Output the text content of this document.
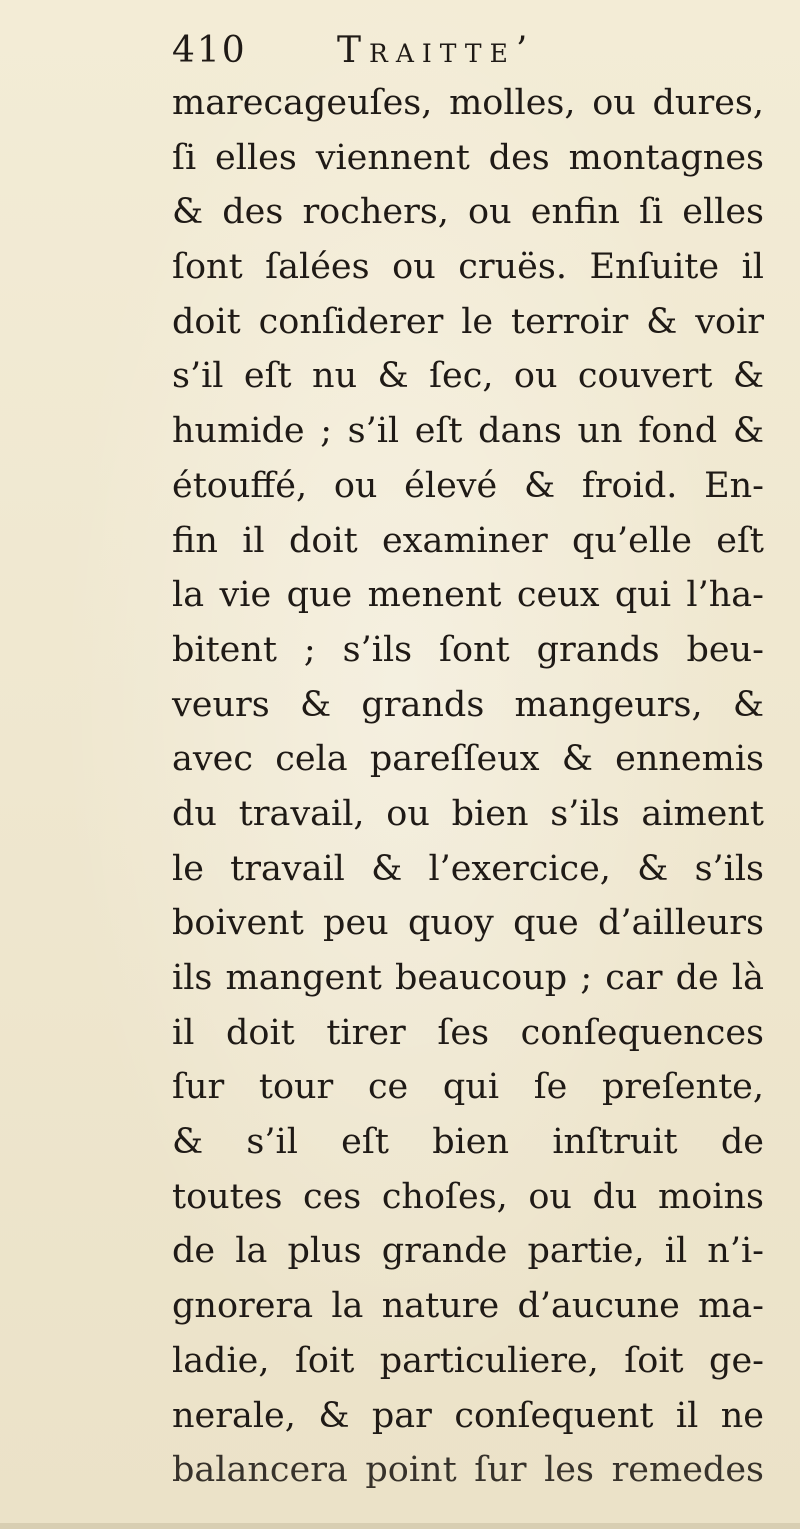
410	Traitte’
marecageuſes, molles, ou dures,
ſi elles viennent des montagnes
& des rochers, ou enfin ſi elles
ſont ſalées ou cruës. Enſuite il
doit conſiderer le terroir & voir
s’il eſt nu & ſec, ou couvert &
humide ; s’il eſt dans un fond &
étouffé, ou élevé & froid. En-
fin il doit examiner qu’elle eſt
la vie que menent ceux qui l’ha-
bitent ; s’ils ſont grands beu-
veurs & grands mangeurs, &
avec cela pareſſeux & ennemis
du travail, ou bien s’ils aiment
le travail & l’exercice, & s’ils
boivent peu quoy que d’ailleurs
ils mangent beaucoup ; car de là
il doit tirer ſes conſequences
ſur tour ce qui ſe preſente,
& s’il eſt bien inſtruit de
toutes ces choſes, ou du moins
de la plus grande partie, il n’i-
gnorera la nature d’aucune ma-
ladie, ſoit particuliere, ſoit ge-
nerale, & par conſequent il ne
balancera point ſur les remedes
